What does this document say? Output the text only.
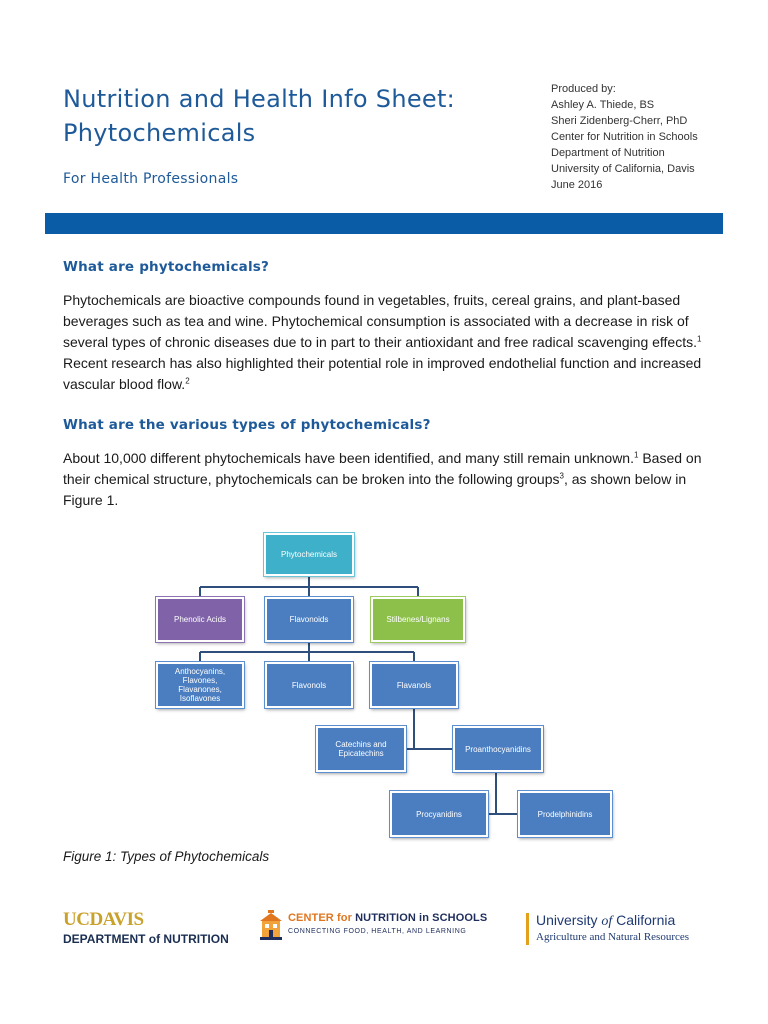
Nutrition and Health Info Sheet:
Phytochemicals

For Health Professionals

Produced by:
Ashley A. Thiede, BS
Sheri Zidenberg-Cherr, PhD
Center for Nutrition in Schools
Department of Nutrition
University of California, Davis
June 2016
What are phytochemicals?

Phytochemicals are bioactive compounds found in vegetables, fruits, cereal grains, and plant-based beverages such as tea and wine. Phytochemical consumption is associated with a decrease in risk of several types of chronic diseases due to in part to their antioxidant and free radical scavenging effects.$^1$ Recent research has also highlighted their potential role in improved endothelial function and increased vascular blood flow.$^2$

What are the various types of phytochemicals?

About 10,000 different phytochemicals have been identified, and many still remain unknown.$^1$ Based on their chemical structure, phytochemicals can be broken into the following groups$^3$, as shown below in Figure 1.

Phytochemicals
Phenolic Acids	Flavonoids	Stilbenes/Lignans
Anthocyanins, Flavones, Flavanones, Isoflavones
Flavonols	Flavanols
Catechins and Epicatechins	Proanthocyanidins
Procyanidins	Prodelphinidins

Figure 1: Types of Phytochemicals

UCDAVIS
DEPARTMENT of NUTRITION
CENTER for NUTRITION in SCHOOLS
CONNECTING FOOD, HEALTH, AND LEARNING
University of California
Agriculture and Natural Resources
